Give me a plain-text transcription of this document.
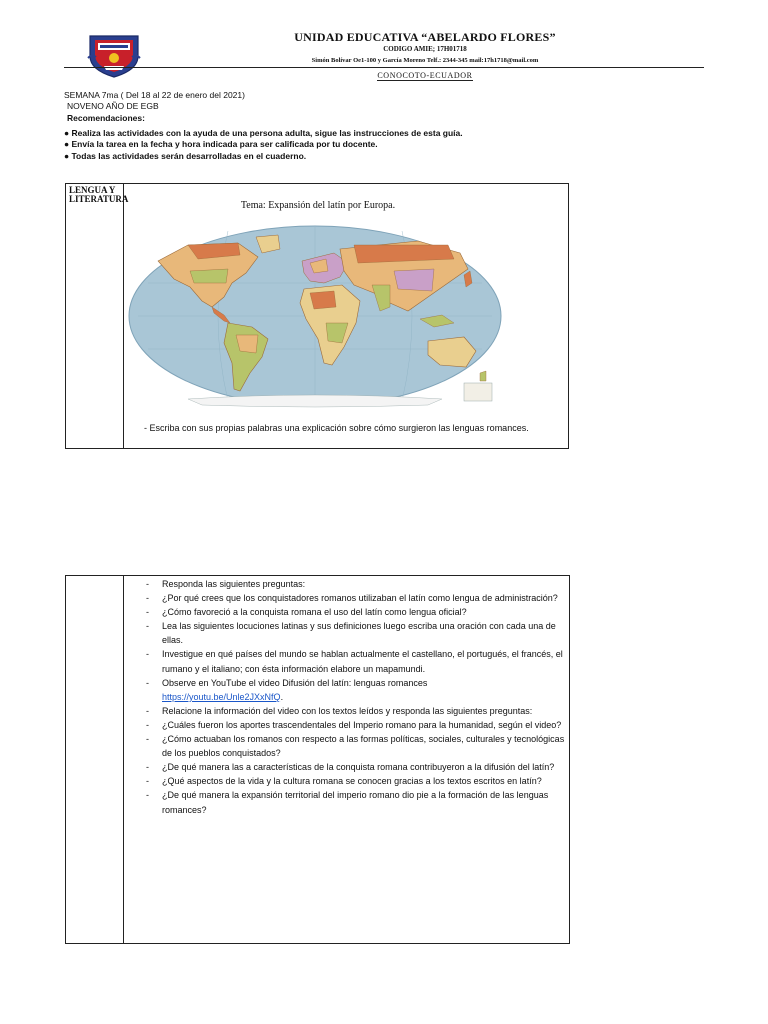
UNIDAD EDUCATIVA “ABELARDO FLORES”
CODIGO AMIE; 17H01718
Simón Bolívar Oe1-100 y García Moreno Telf.: 2344-345 mail:17h1718@mail.com
CONOCOTO-ECUADOR
SEMANA 7ma ( Del 18 al 22 de enero del 2021)
NOVENO AÑO DE EGB
Recomendaciones:
● Realiza las actividades con la ayuda de una persona adulta, sigue las instrucciones de esta guía.
● Envía la tarea en la fecha y hora indicada para ser calificada por tu docente.
● Todas las actividades serán desarrolladas en el cuaderno.
LENGUA Y LITERATURA
Tema: Expansión del latín por Europa.
- Escriba con sus propias palabras una explicación sobre cómo surgieron las lenguas romances.
- Responda las siguientes preguntas:
- ¿Por qué crees que los conquistadores romanos utilizaban el latín como lengua de administración?
- ¿Cómo favoreció a la conquista romana el uso del latín como lengua oficial?
- Lea las siguientes locuciones latinas y sus definiciones luego escriba una oración con cada una de ellas.
- Investigue en qué países del mundo se hablan actualmente el castellano, el portugués, el francés, el rumano y el italiano; con ésta información elabore un mapamundi.
- Observe en YouTube el video Difusión del latín: lenguas romances
https://youtu.be/Unle2JXxNfQ.
- Relacione la información del video con los textos leídos y responda las siguientes preguntas:
- ¿Cuáles fueron los aportes trascendentales del Imperio romano para la humanidad, según el video?
- ¿Cómo actuaban los romanos con respecto a las formas políticas, sociales, culturales y tecnológicas de los pueblos conquistados?
- ¿De qué manera las a características de la conquista romana contribuyeron a la difusión del latín?
- ¿Qué aspectos de la vida y la cultura romana se conocen gracias a los textos escritos en latín?
- ¿De qué manera la expansión territorial del imperio romano dio pie a la formación de las lenguas romances?
